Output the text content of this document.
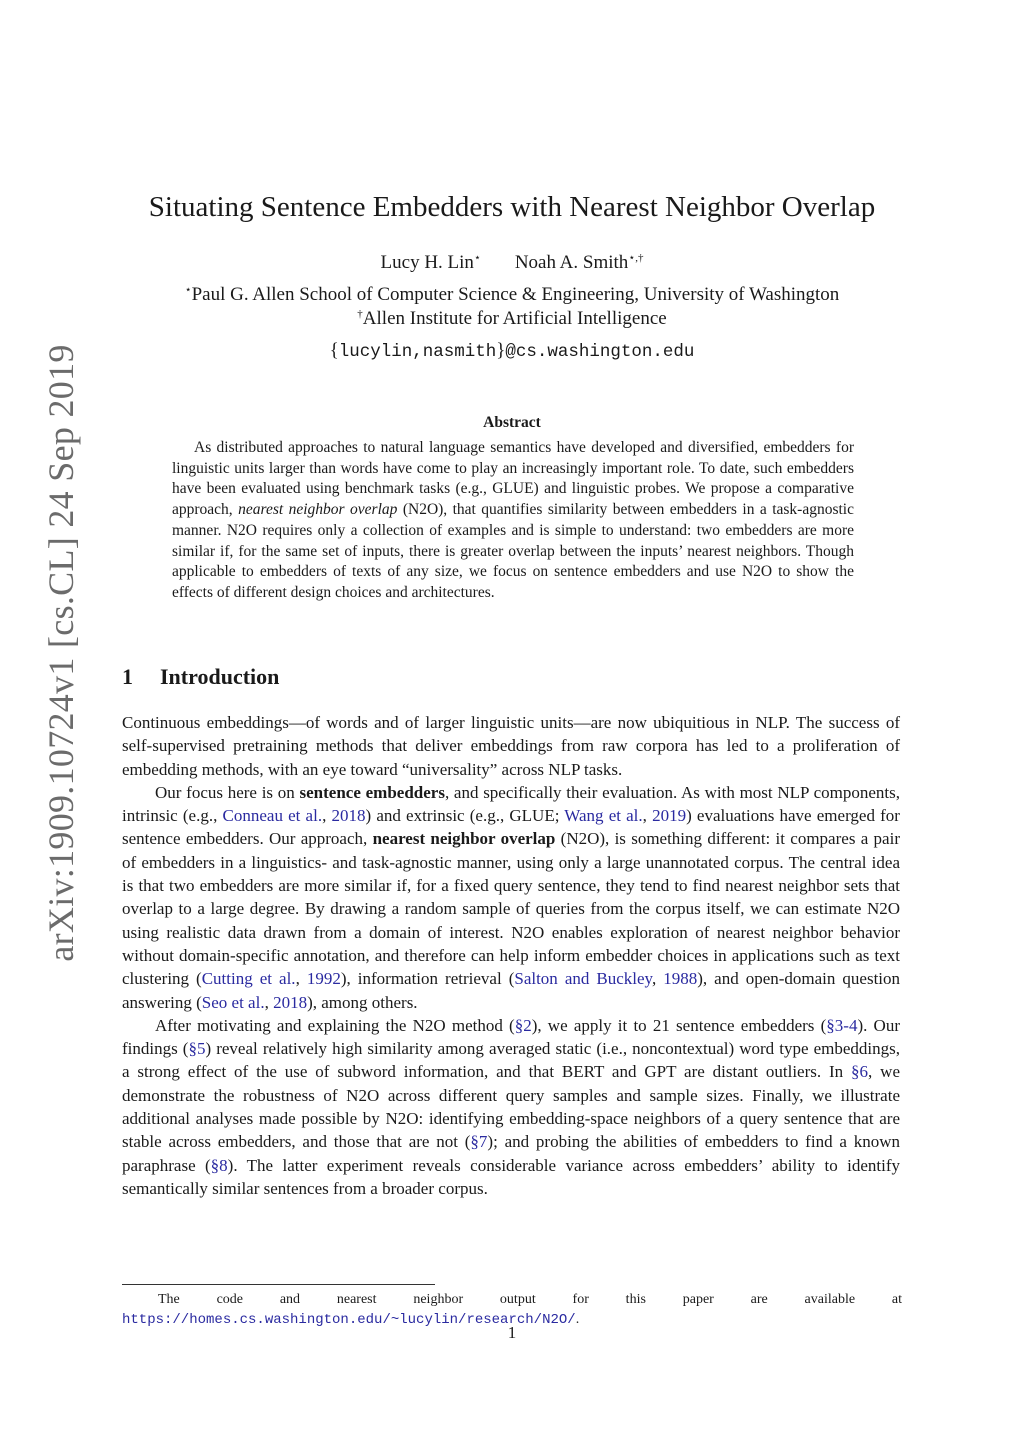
arXiv:1909.10724v1 [cs.CL] 24 Sep 2019
Situating Sentence Embedders with Nearest Neighbor Overlap
Lucy H. Lin⋆ Noah A. Smith⋆,†
⋆Paul G. Allen School of Computer Science & Engineering, University of Washington
†Allen Institute for Artificial Intelligence
{lucylin,nasmith}@cs.washington.edu
Abstract

As distributed approaches to natural language semantics have developed and diversified, embedders for linguistic units larger than words have come to play an increasingly important role. To date, such embedders have been evaluated using benchmark tasks (e.g., GLUE) and linguistic probes. We propose a comparative approach, nearest neighbor overlap (N2O), that quantifies similarity between embedders in a task-agnostic manner. N2O requires only a collection of examples and is simple to understand: two embedders are more similar if, for the same set of inputs, there is greater overlap between the inputs’ nearest neighbors. Though applicable to embedders of texts of any size, we focus on sentence embedders and use N2O to show the effects of different design choices and architectures.

1 Introduction

Continuous embeddings—of words and of larger linguistic units—are now ubiquitious in NLP. The success of self-supervised pretraining methods that deliver embeddings from raw corpora has led to a proliferation of embedding methods, with an eye toward “universality” across NLP tasks.

Our focus here is on sentence embedders, and specifically their evaluation. As with most NLP components, intrinsic (e.g., Conneau et al., 2018) and extrinsic (e.g., GLUE; Wang et al., 2019) evaluations have emerged for sentence embedders. Our approach, nearest neighbor overlap (N2O), is something different: it compares a pair of embedders in a linguistics- and task-agnostic manner, using only a large unannotated corpus. The central idea is that two embedders are more similar if, for a fixed query sentence, they tend to find nearest neighbor sets that overlap to a large degree. By drawing a random sample of queries from the corpus itself, we can estimate N2O using realistic data drawn from a domain of interest. N2O enables exploration of nearest neighbor behavior without domain-specific annotation, and therefore can help inform embedder choices in applications such as text clustering (Cutting et al., 1992), information retrieval (Salton and Buckley, 1988), and open-domain question answering (Seo et al., 2018), among others.

After motivating and explaining the N2O method (§2), we apply it to 21 sentence embedders (§3-4). Our findings (§5) reveal relatively high similarity among averaged static (i.e., noncontextual) word type embeddings, a strong effect of the use of subword information, and that BERT and GPT are distant outliers. In §6, we demonstrate the robustness of N2O across different query samples and sample sizes. Finally, we illustrate additional analyses made possible by N2O: identifying embedding-space neighbors of a query sentence that are stable across embedders, and those that are not (§7); and probing the abilities of embedders to find a known paraphrase (§8). The latter experiment reveals considerable variance across embedders’ ability to identify semantically similar sentences from a broader corpus.

The code and nearest neighbor output for this paper are available at https://homes.cs.washington.edu/~lucylin/research/N2O/.
1
